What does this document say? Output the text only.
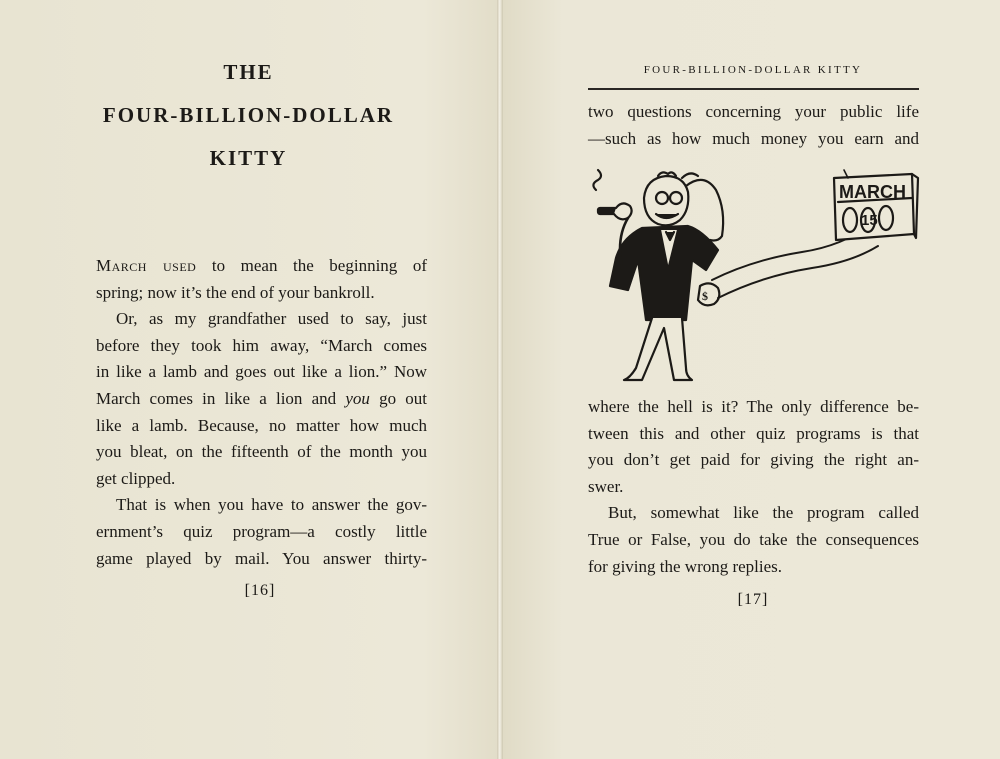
THE
FOUR-BILLION-DOLLAR
KITTY
March used to mean the beginning of
spring; now it’s the end of your bankroll.
Or, as my grandfather used to say, just
before they took him away, “March comes
in like a lamb and goes out like a lion.” Now
March comes in like a lion and you go out
like a lamb. Because, no matter how much
you bleat, on the fifteenth of the month you
get clipped.
That is when you have to answer the gov-
ernment’s quiz program—a costly little
game played by mail. You answer thirty-
[16]
FOUR-BILLION-DOLLAR KITTY
two questions concerning your public life
—such as how much money you earn and
MARCH
15
$
where the hell is it? The only difference be-
tween this and other quiz programs is that
you don’t get paid for giving the right an-
swer.
But, somewhat like the program called
True or False, you do take the consequences
for giving the wrong replies.
[17]
